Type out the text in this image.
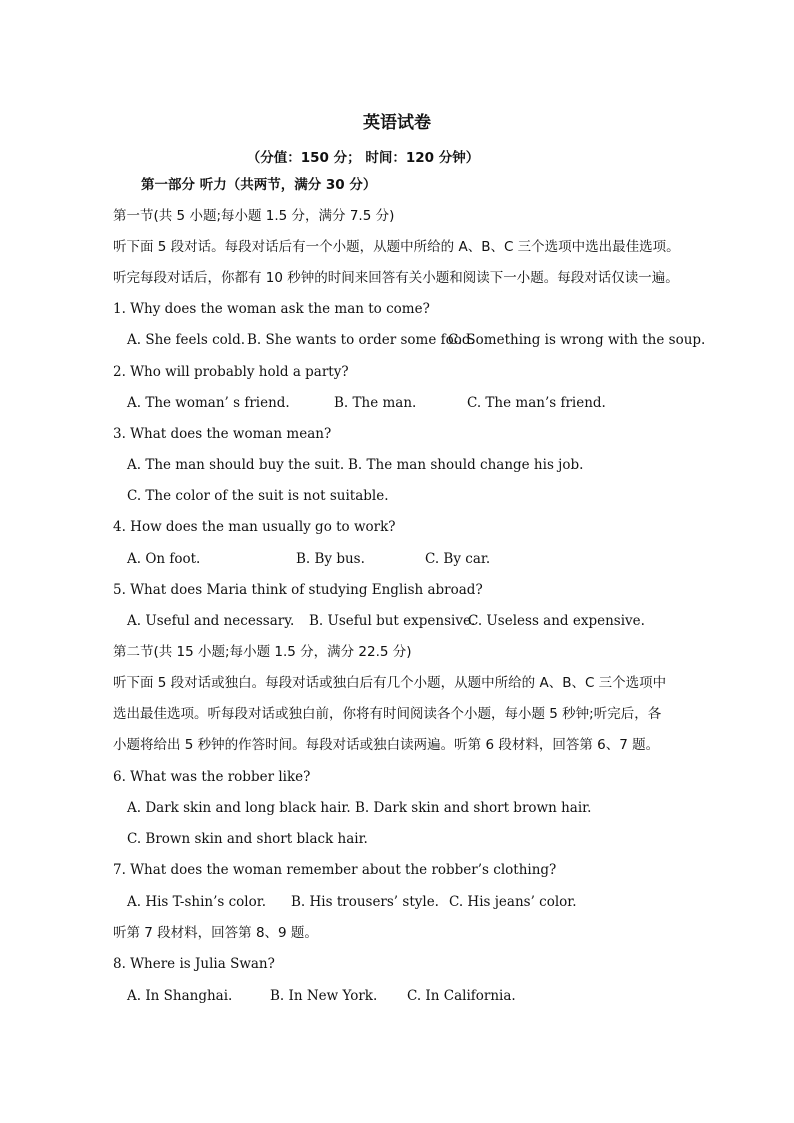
英语试卷
（分值：150 分； 时间：120 分钟）
第一部分 听力（共两节，满分 30 分）
第一节(共 5 小题;每小题 1.5 分，满分 7.5 分)
听下面 5 段对话。每段对话后有一个小题，从题中所给的 A、B、C 三个选项中选出最佳选项。
听完每段对话后，你都有 10 秒钟的时间来回答有关小题和阅读下一小题。每段对话仅读一遍。
1. Why does the woman ask the man to come?
A. She feels cold. B. She wants to order some food.
C. Something is wrong with the soup.
2. Who will probably hold a party?
A. The woman’ s friend.	B. The man.	C. The man’s friend.
3. What does the woman mean?
A. The man should buy the suit. B. The man should change his job.
C. The color of the suit is not suitable.
4. How does the man usually go to work?
A. On foot.	B. By bus.	C. By car.
5. What does Maria think of studying English abroad?
A. Useful and necessary. B. Useful but expensive.
C. Useless and expensive.
第二节(共 15 小题;每小题 1.5 分，满分 22.5 分)
听下面 5 段对话或独白。每段对话或独白后有几个小题，从题中所给的 A、B、C 三个选项中
选出最佳选项。听每段对话或独白前，你将有时间阅读各个小题，每小题 5 秒钟;听完后，各
小题将给出 5 秒钟的作答时间。每段对话或独白读两遍。听第 6 段材料，回答第 6、7 题。
6. What was the robber like?
A. Dark skin and long black hair. B. Dark skin and short brown hair.
C. Brown skin and short black hair.
7. What does the woman remember about the robber’s clothing?
A. His T-shin’s color. B. His trousers’ style. C. His jeans’ color.
听第 7 段材料，回答第 8、9 题。
8. Where is Julia Swan?
A. In Shanghai.	B. In New York. C. In California.
